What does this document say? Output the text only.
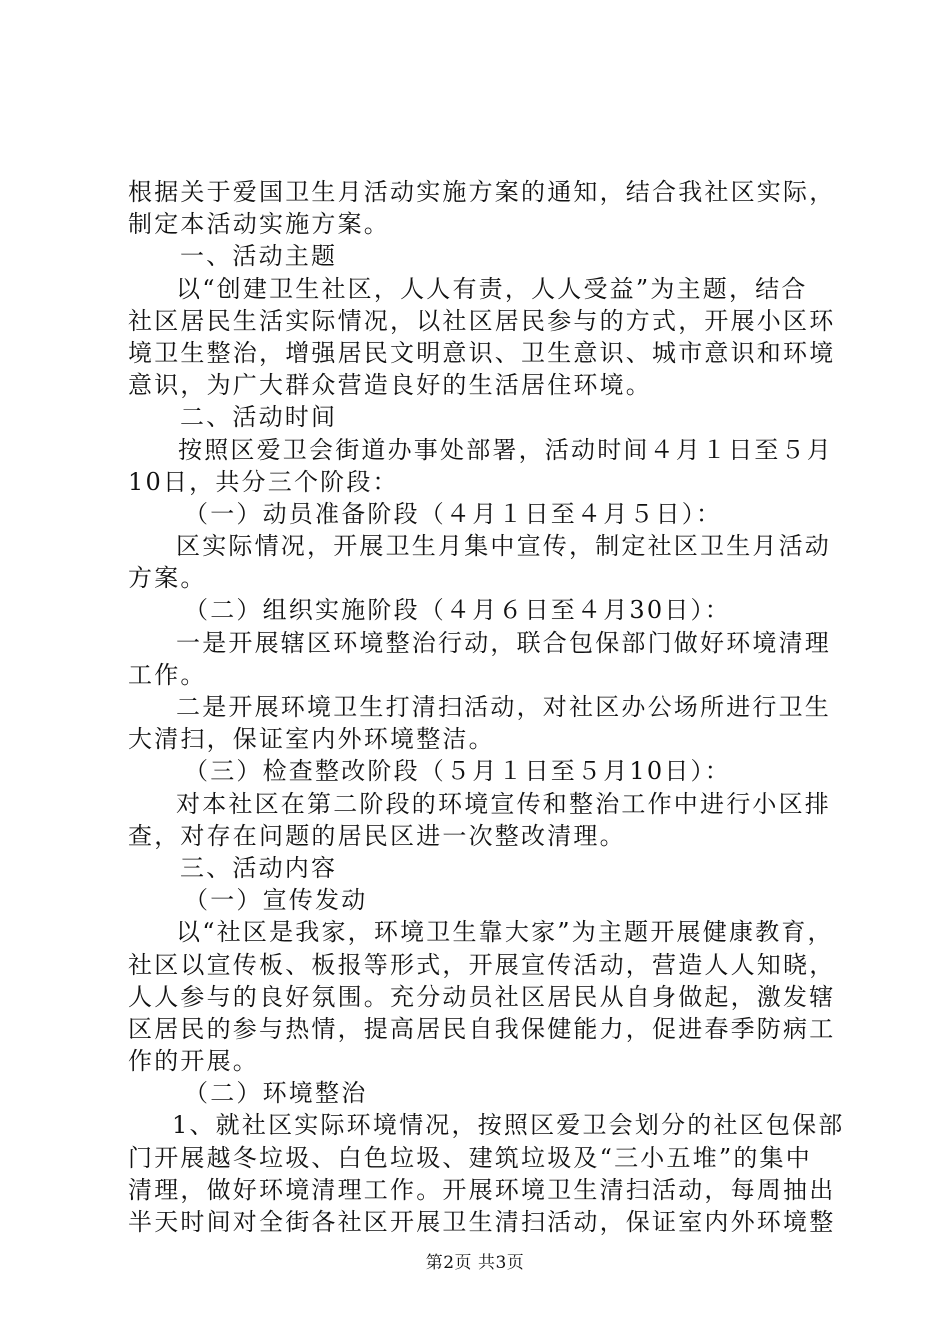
根据关于爱国卫生月活动实施方案的通知，结合我社区实际，
制定本活动实施方案。
一、活动主题
以“创建卫生社区，人人有责，人人受益”为主题，结合
社区居民生活实际情况，以社区居民参与的方式，开展小区环
境卫生整治，增强居民文明意识、卫生意识、城市意识和环境
意识，为广大群众营造良好的生活居住环境。
二、活动时间
按照区爱卫会街道办事处部署，活动时间４月１日至５月
10日，共分三个阶段：
（一）动员准备阶段（４月１日至４月５日）：
区实际情况，开展卫生月集中宣传，制定社区卫生月活动
方案。
（二）组织实施阶段（４月６日至４月30日）：
一是开展辖区环境整治行动，联合包保部门做好环境清理
工作。
二是开展环境卫生打清扫活动，对社区办公场所进行卫生
大清扫，保证室内外环境整洁。
（三）检查整改阶段（５月１日至５月10日）：
对本社区在第二阶段的环境宣传和整治工作中进行小区排
查，对存在问题的居民区进一次整改清理。
三、活动内容
（一）宣传发动
以“社区是我家，环境卫生靠大家”为主题开展健康教育，
社区以宣传板、板报等形式，开展宣传活动，营造人人知晓，
人人参与的良好氛围。充分动员社区居民从自身做起，激发辖
区居民的参与热情，提高居民自我保健能力，促进春季防病工
作的开展。
（二）环境整治
1、就社区实际环境情况，按照区爱卫会划分的社区包保部
门开展越冬垃圾、白色垃圾、建筑垃圾及“三小五堆”的集中
清理，做好环境清理工作。开展环境卫生清扫活动，每周抽出
半天时间对全街各社区开展卫生清扫活动，保证室内外环境整
第2页 共3页
